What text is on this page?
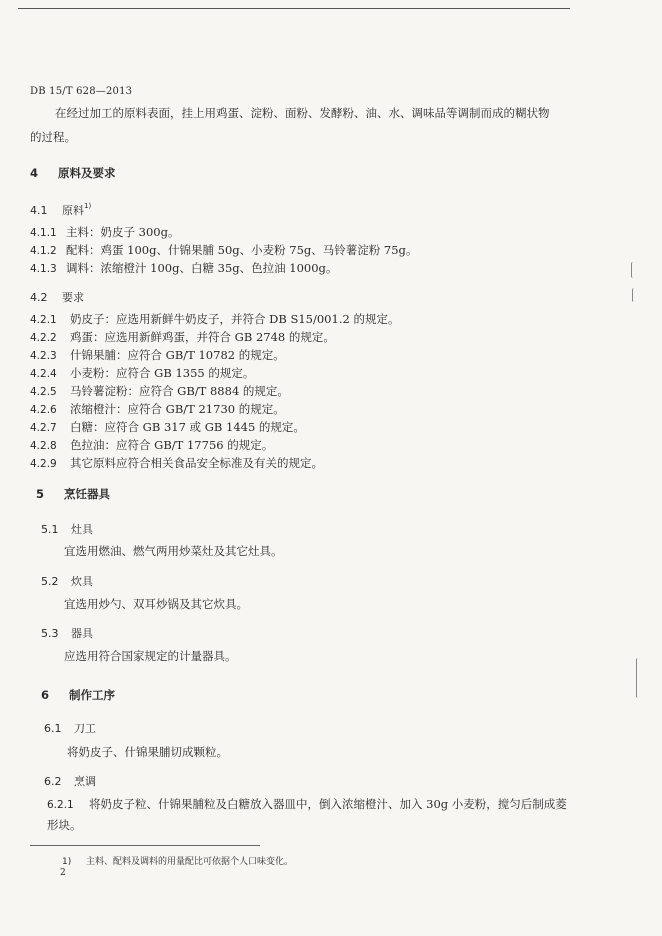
DB 15/T 628—2013
在经过加工的原料表面，挂上用鸡蛋、淀粉、面粉、发酵粉、油、水、调味品等调制而成的糊状物
的过程。
4 原料及要求
4.1 原料$^{1)}$
4.1.1 主料：奶皮子 300g。
4.1.2 配料：鸡蛋 100g、什锦果脯 50g、小麦粉 75g、马铃薯淀粉 75g。
4.1.3 调料：浓缩橙汁 100g、白糖 35g、色拉油 1000g。
4.2 要求
4.2.1 奶皮子：应选用新鲜牛奶皮子，并符合 DB S15/001.2 的规定。
4.2.2 鸡蛋：应选用新鲜鸡蛋，并符合 GB 2748 的规定。
4.2.3 什锦果脯：应符合 GB/T 10782 的规定。
4.2.4 小麦粉：应符合 GB 1355 的规定。
4.2.5 马铃薯淀粉：应符合 GB/T 8884 的规定。
4.2.6 浓缩橙汁：应符合 GB/T 21730 的规定。
4.2.7 白糖：应符合 GB 317 或 GB 1445 的规定。
4.2.8 色拉油：应符合 GB/T 17756 的规定。
4.2.9 其它原料应符合相关食品安全标准及有关的规定。
5 烹饪器具
5.1 灶具
宜选用燃油、燃气两用炒菜灶及其它灶具。
5.2 炊具
宜选用炒勺、双耳炒锅及其它炊具。
5.3 器具
应选用符合国家规定的计量器具。
6 制作工序
6.1 刀工
将奶皮子、什锦果脯切成颗粒。
6.2 烹调
6.2.1 将奶皮子粒、什锦果脯粒及白糖放入器皿中，倒入浓缩橙汁、加入 30g 小麦粉，搅匀后制成菱
形块。
1) 主料、配料及调料的用量配比可依据个人口味变化。
2
